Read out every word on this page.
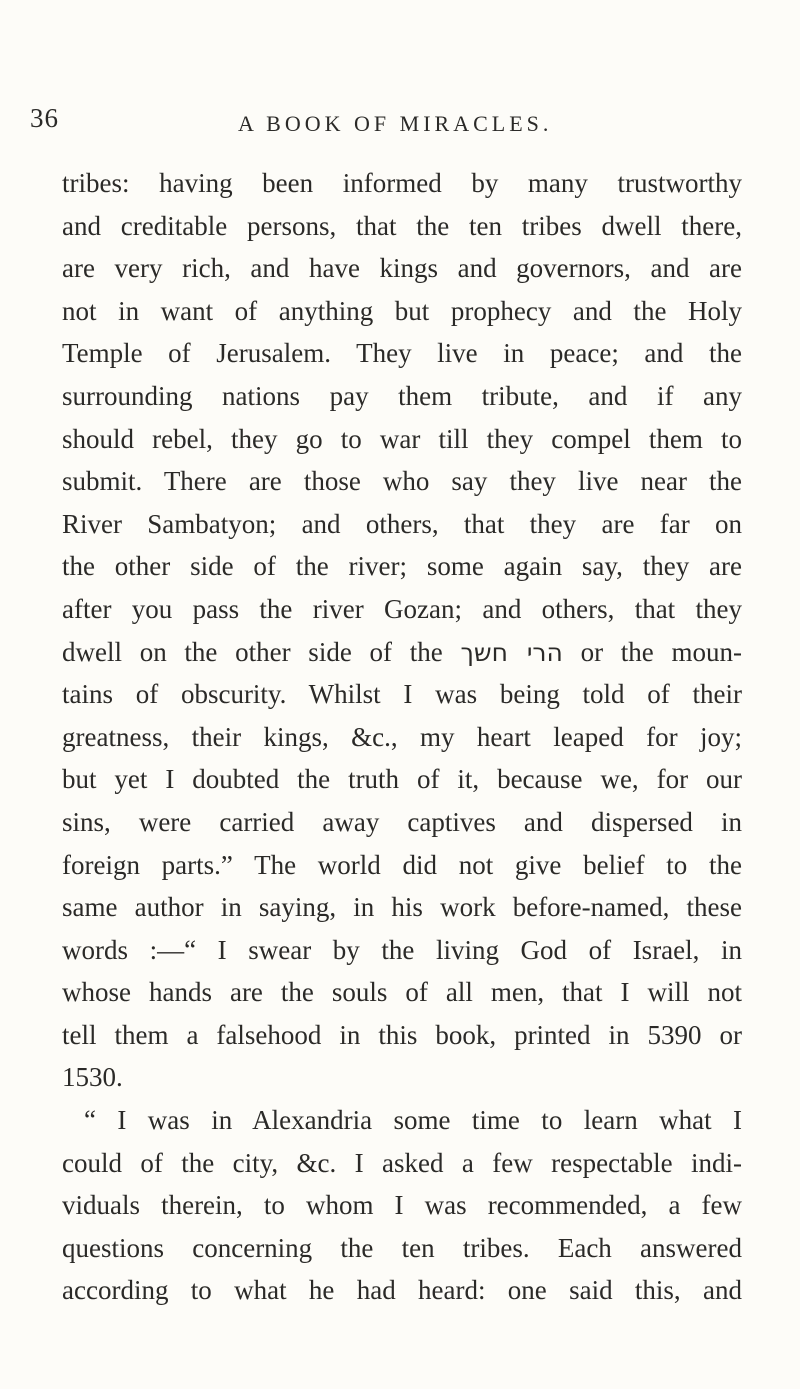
36	A BOOK OF MIRACLES.
tribes: having been informed by many trustworthy
and creditable persons, that the ten tribes dwell there,
are very rich, and have kings and governors, and are
not in want of anything but prophecy and the Holy
Temple of Jerusalem. They live in peace; and the
surrounding nations pay them tribute, and if any
should rebel, they go to war till they compel them to
submit. There are those who say they live near the
River Sambatyon; and others, that they are far on
the other side of the river; some again say, they are
after you pass the river Gozan; and others, that they
dwell on the other side of the הרי חשך or the moun-
tains of obscurity. Whilst I was being told of their
greatness, their kings, &c., my heart leaped for joy;
but yet I doubted the truth of it, because we, for our
sins, were carried away captives and dispersed in
foreign parts.” The world did not give belief to the
same author in saying, in his work before-named, these
words :—“ I swear by the living God of Israel, in
whose hands are the souls of all men, that I will not
tell them a falsehood in this book, printed in 5390 or
1530.
“ I was in Alexandria some time to learn what I
could of the city, &c. I asked a few respectable indi-
viduals therein, to whom I was recommended, a few
questions concerning the ten tribes. Each answered
according to what he had heard: one said this, and
